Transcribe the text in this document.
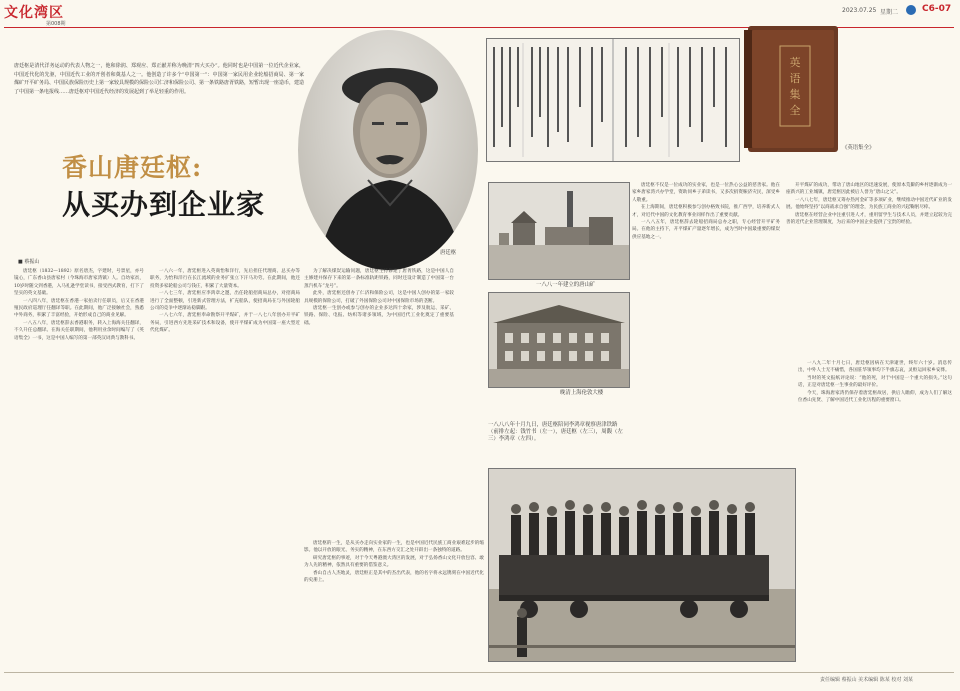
文化湾区
第008期
2023.07.25 星期二	C6-07
唐廷枢是清代洋务运动的代表人物之一，他和徐润、郑观应、郑正献并称为晚清“四大买办”。他同时也是中国第一位近代企业家，中国近代化的先驱，中国近代工业的开创者和奠基人之一。他创造了许多个“中国第一”：中国第一家民用企业轮船招商局、第一家煤矿开平矿务局、中国民族保险历史上第一家较具规模的保险公司仁济和保险公司、第一条铁路唐胥铁路，短暂出现一座造币，建造了中国第一条电报线……唐廷枢对中国近代经济的发展起到了举足轻重的作用。
香山唐廷枢:
从买办到企业家
■ 蔡振山
唐廷枢
英
语
集
全
《英语集全》
一八八一年建立的唐山矿
晚清上海伦敦大楼
一八八八年十月九日，唐廷枢陪同李鸿章视察唐津铁路（前排左起：钱竹书（左一），唐廷枢（左三），周馥（左三）李鸿章（左四）。

唐廷枢（1832—1892）原名唐杰，字建时，号景星，亦号镜心，广东香山县唐家村（今珠海市唐家湾镇）人。自幼家贫，10岁时随父到香港，入马礼逊学堂读书，接受西式教育，打下了坚实的英文基础。

一八四八年，唐廷枢在香港一家拍卖行任职员，后又在香港殖民政府巡理厅任翻译等职。在此期间，他广泛接触社会，熟悉中外商务，积累了丰富经验，开始形成自己的商业见解。

一八五八年，唐廷枢辞去香港职务，转入上海海关任翻译，不久升任总翻译。在海关任职期间，他利用业余时间编写了《英语集全》一书，这是中国人编写的第一部英汉词典与教科书。

一八六一年，唐廷枢进入英商怡和洋行，先后担任代理商、总买办等职务，为怡和洋行在长江流域的业务扩张立下汗马功劳。在此期间，他还投资多家轮船公司与钱庄，积累了大量资本。

一八七三年，唐廷枢应李鸿章之邀，出任轮船招商局总办，对招商局进行了全面整顿，引进新式管理方法，扩充船队，使招商局在与外国轮船公司的竞争中逐渐站稳脚跟。

一八七六年，唐廷枢奉命勘察开平煤矿，并于一八七八年创办开平矿务局，引进西方先进采矿技术和设备，使开平煤矿成为中国第一座大型近代化煤矿。

为了解决煤炭运输问题，唐廷枢主持修建了唐胥铁路，这是中国人自主修建并保存下来的第一条标准轨距铁路，同时还设计制造了中国第一台蒸汽机车“龙号”。

此外，唐廷枢还创办了仁济和保险公司，这是中国人创办的第一家较具规模的保险公司，打破了外国保险公司对中国保险市场的垄断。

唐廷枢一生创办或参与创办的企业多达四十余家，涉及航运、采矿、铁路、保险、电报、纺织等诸多领域，为中国近代工业化奠定了重要基础。

唐廷枢不仅是一位成功的实业家，也是一位热心公益的慈善家。他在家乡唐家湾兴办学堂，资助同乡子弟读书，又多次捐资赈济灾民，深受乡人敬重。

在上海期间，唐廷枢积极参与创办格致书院，推广西学，培养新式人才，对近代中国的文化教育事业同样作出了重要贡献。

一八八五年，唐廷枢辞去轮船招商局总办之职，专心经营开平矿务局。在他的主持下，开平煤矿产量逐年增长，成为当时中国最重要的煤炭供应基地之一。

开平煤矿的成功，带动了唐山地区的迅速发展，使原本荒僻的乡村逐渐成为一座新兴的工业城镇，唐廷枢因此被后人誉为“唐山之父”。

一八八七年，唐廷枢又筹办热河金矿等多项矿业，继续推动中国近代矿业的发展。他始终坚持“以商战求自强”的理念，为民族工商业的兴起鞠躬尽瘁。

唐廷枢在经营企业中注重引进人才，重用留学生与技术人员，并建立起较为完善的近代企业管理制度，为后来的中国企业提供了宝贵的经验。

一八九二年十月七日，唐廷枢因病在天津逝世，终年六十岁。消息传出，中外人士无不痛惜，各国驻华领事均下半旗志哀，灵柩运回家乡安葬。

当时的英文报纸评论说：“他的死，对于中国是一个重大的损失。”这句话，正是对唐廷枢一生事业的最好评价。

今天，珠海唐家湾仍保存着唐廷枢故居，供后人瞻仰，成为人们了解这位香山先贤、了解中国近代工业化历程的重要窗口。

唐廷枢的一生，是从买办走向实业家的一生，也是中国近代民族工商业艰难起步的缩影。他以开放的眼光、务实的精神，在东西方交汇之处开辟出一条独特的道路。

研究唐廷枢的事迹，对于今天粤港澳大湾区的发展，对于弘扬香山文化开放包容、敢为人先的精神，依然具有重要的借鉴意义。

香山自古人杰地灵，唐廷枢正是其中的杰出代表，他的名字将永远镌刻在中国近代化的史册上。

责任编辑 蔡振山 美术编辑 陈某 校对 刘某
